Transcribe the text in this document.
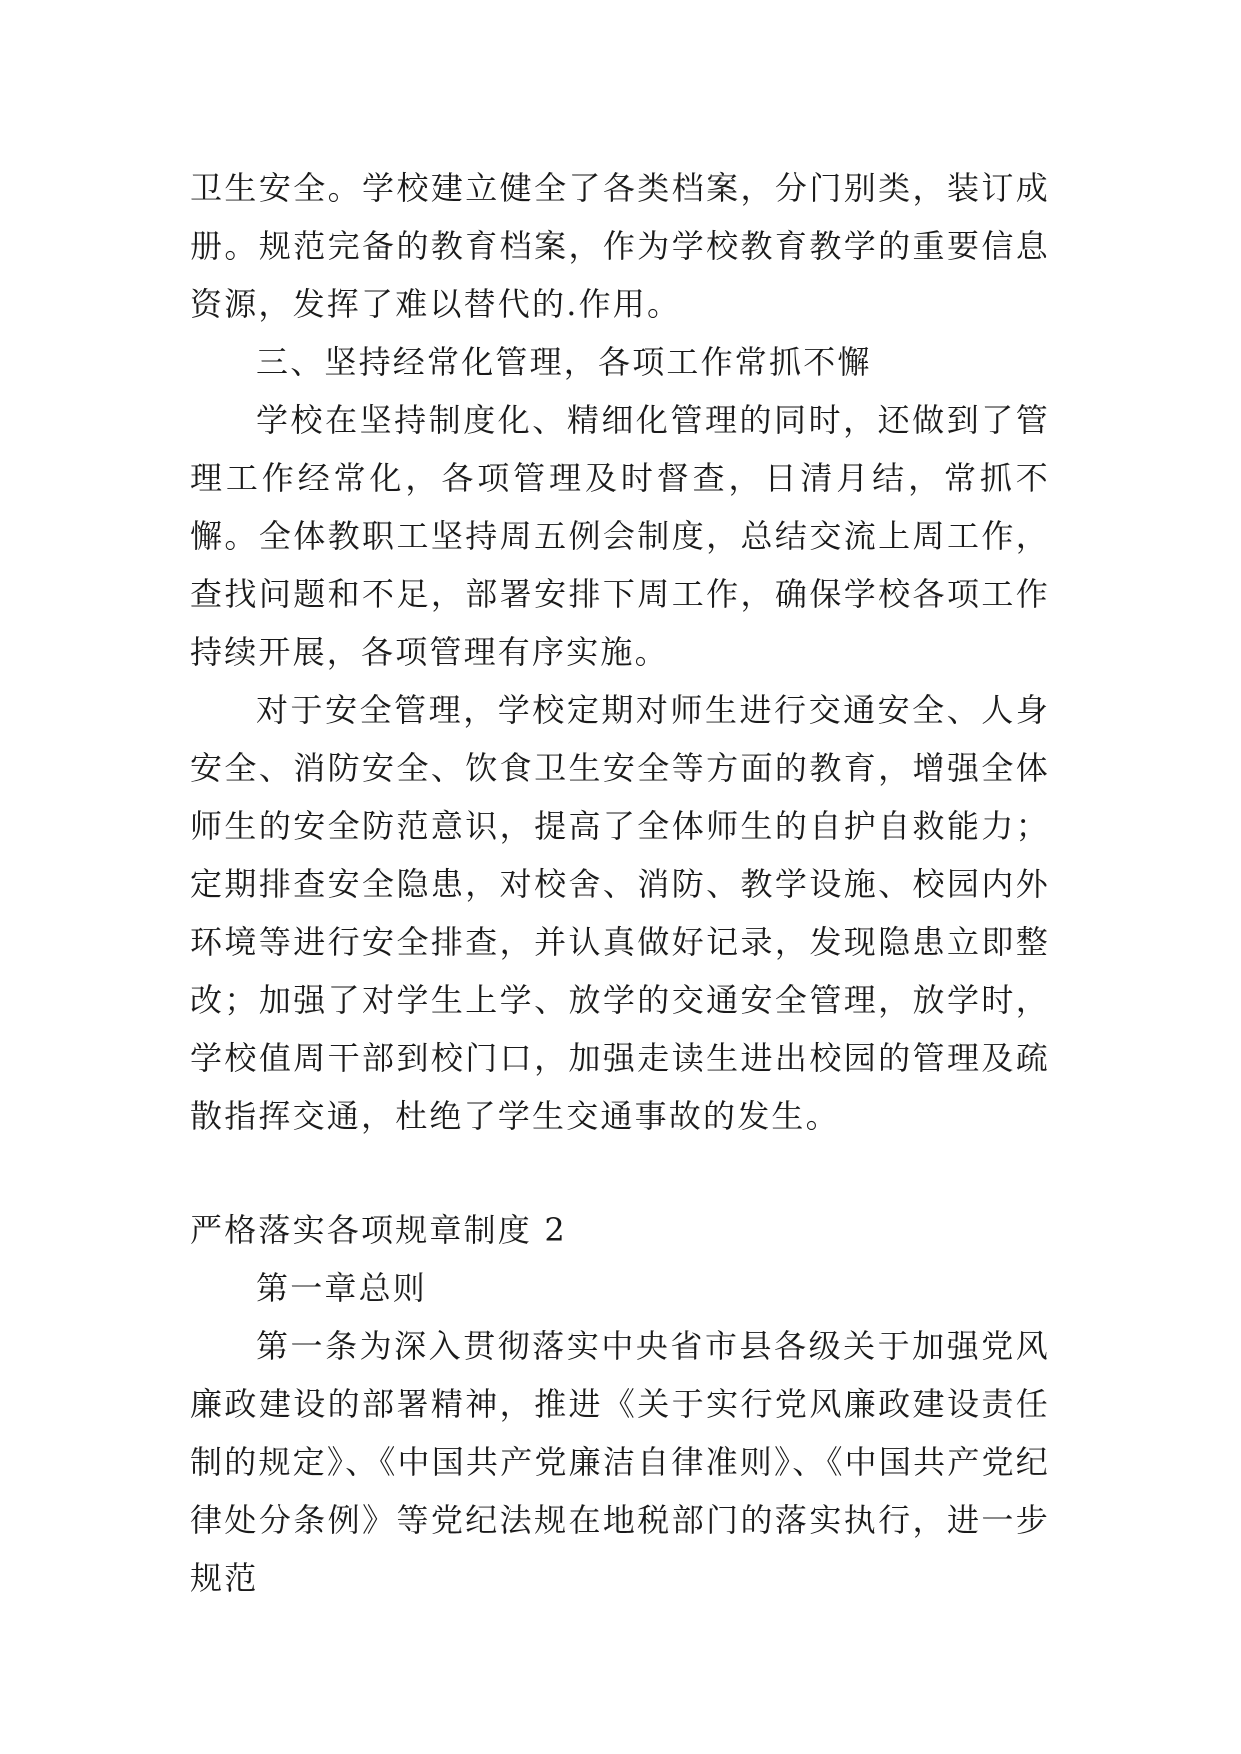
卫生安全。学校建立健全了各类档案，分门别类，装订成册。规范完备的教育档案，作为学校教育教学的重要信息资源，发挥了难以替代的.作用。

三、坚持经常化管理，各项工作常抓不懈

学校在坚持制度化、精细化管理的同时，还做到了管理工作经常化，各项管理及时督查，日清月结，常抓不懈。全体教职工坚持周五例会制度，总结交流上周工作，查找问题和不足，部署安排下周工作，确保学校各项工作持续开展，各项管理有序实施。

对于安全管理，学校定期对师生进行交通安全、人身安全、消防安全、饮食卫生安全等方面的教育，增强全体师生的安全防范意识，提高了全体师生的自护自救能力；定期排查安全隐患，对校舍、消防、教学设施、校园内外环境等进行安全排查，并认真做好记录，发现隐患立即整改；加强了对学生上学、放学的交通安全管理，放学时，学校值周干部到校门口，加强走读生进出校园的管理及疏散指挥交通，杜绝了学生交通事故的发生。

严格落实各项规章制度 2

第一章总则

第一条为深入贯彻落实中央省市县各级关于加强党风廉政建设的部署精神，推进《关于实行党风廉政建设责任制的规定》、《中国共产党廉洁自律准则》、《中国共产党纪律处分条例》等党纪法规在地税部门的落实执行，进一步规范
